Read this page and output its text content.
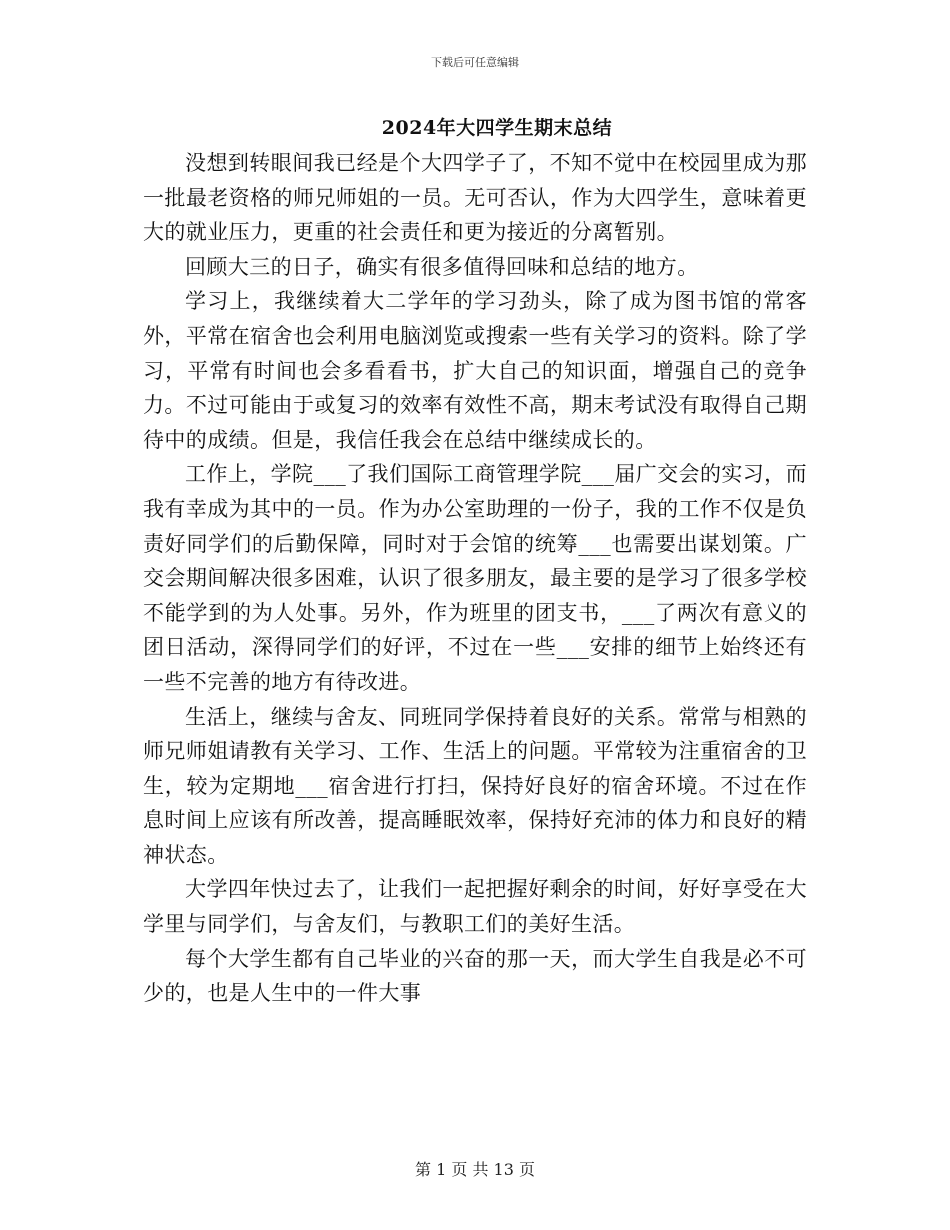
下载后可任意编辑
2024年大四学生期末总结

没想到转眼间我已经是个大四学子了，不知不觉中在校园里成为那一批最老资格的师兄师姐的一员。无可否认，作为大四学生，意味着更大的就业压力，更重的社会责任和更为接近的分离暂别。

回顾大三的日子，确实有很多值得回味和总结的地方。

学习上，我继续着大二学年的学习劲头，除了成为图书馆的常客外，平常在宿舍也会利用电脑浏览或搜索一些有关学习的资料。除了学习，平常有时间也会多看看书，扩大自己的知识面，增强自己的竞争力。不过可能由于或复习的效率有效性不高，期末考试没有取得自己期待中的成绩。但是，我信任我会在总结中继续成长的。

工作上，学院___了我们国际工商管理学院___届广交会的实习，而我有幸成为其中的一员。作为办公室助理的一份子，我的工作不仅是负责好同学们的后勤保障，同时对于会馆的统筹___也需要出谋划策。广交会期间解决很多困难，认识了很多朋友，最主要的是学习了很多学校不能学到的为人处事。另外，作为班里的团支书，___了两次有意义的团日活动，深得同学们的好评，不过在一些___安排的细节上始终还有一些不完善的地方有待改进。

生活上，继续与舍友、同班同学保持着良好的关系。常常与相熟的师兄师姐请教有关学习、工作、生活上的问题。平常较为注重宿舍的卫生，较为定期地___宿舍进行打扫，保持好良好的宿舍环境。不过在作息时间上应该有所改善，提高睡眠效率，保持好充沛的体力和良好的精神状态。

大学四年快过去了，让我们一起把握好剩余的时间，好好享受在大学里与同学们，与舍友们，与教职工们的美好生活。

每个大学生都有自己毕业的兴奋的那一天，而大学生自我是必不可少的，也是人生中的一件大事

第 1 页 共 13 页
